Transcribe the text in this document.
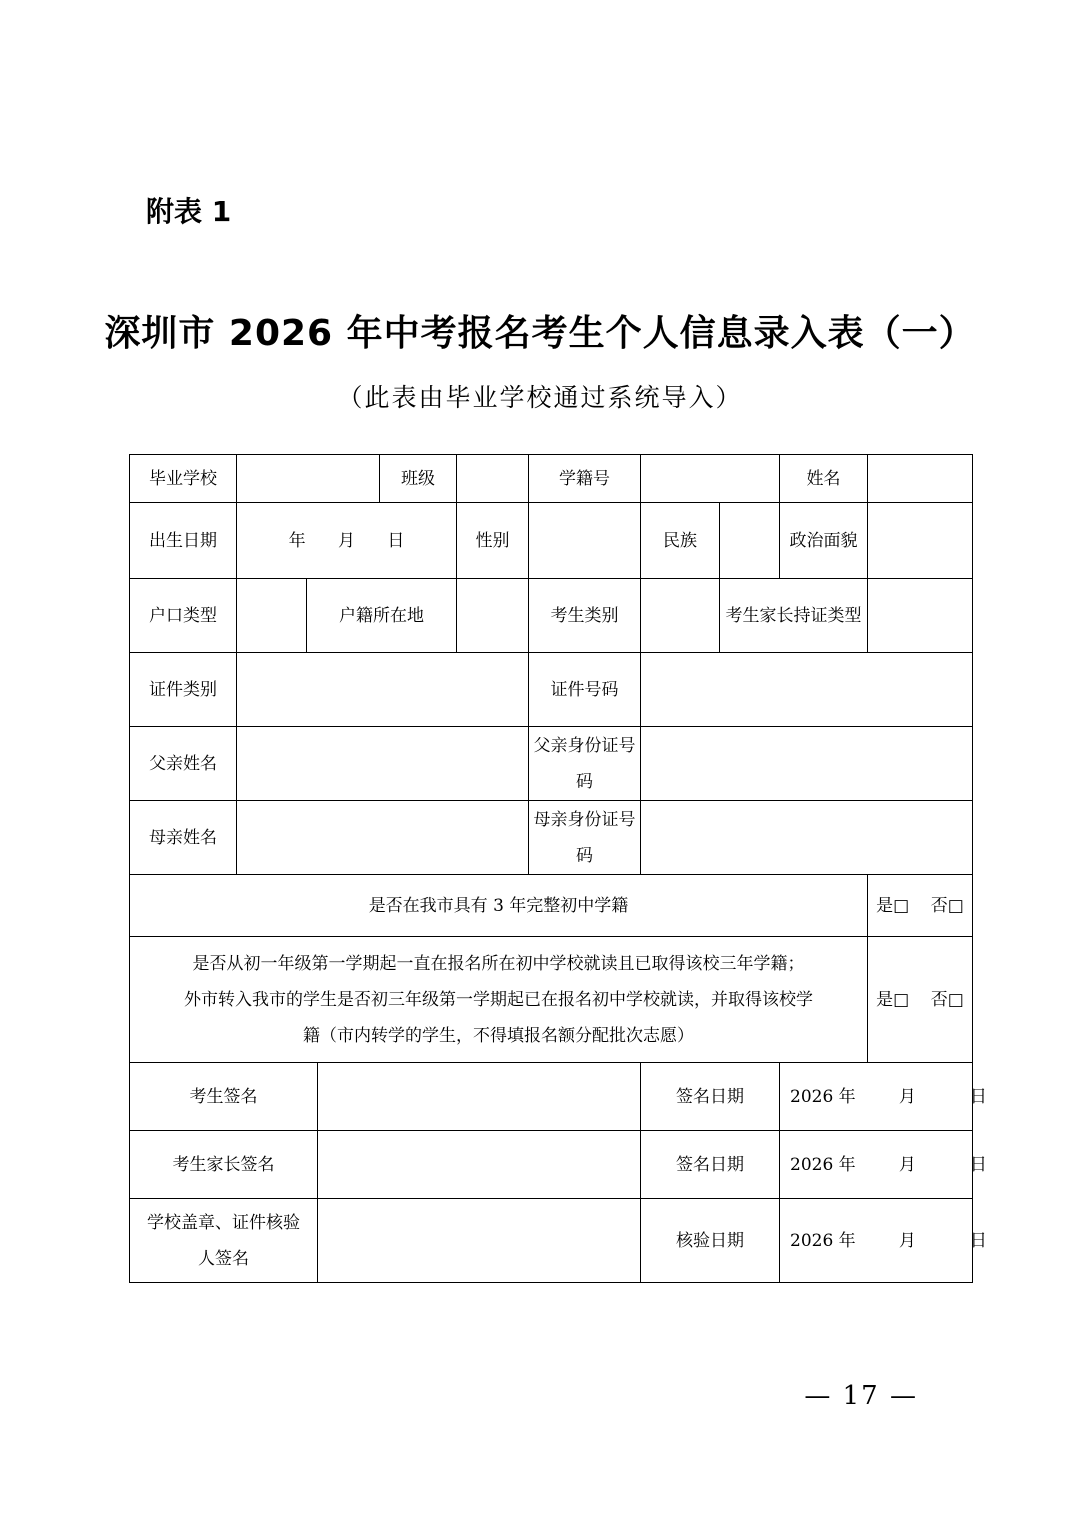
附表 1
深圳市 2026 年中考报名考生个人信息录入表（一）
（此表由毕业学校通过系统导入）
毕业学校				班级		学籍号			姓名	
出生日期	年      月      日				性别		民族		政治面貌	
户口类型		户籍所在地				考生类别		考生家长持证类型		
证件类别						证件号码				
父亲姓名						父亲身份证号码				
母亲姓名						母亲身份证号码				
是否在我市具有 3 年完整初中学籍										是□    否□

是否从初一年级第一学期起一直在报名所在初中学校就读且已取得该校三年学籍；
外市转入我市的学生是否初三年级第一学期起已在报名初中学校就读，并取得该校学
籍（市内转学的学生，不得填报名额分配批次志愿）										是□    否□
考生签名							签名日期		2026 年        月          日	
考生家长签名							签名日期		2026 年        月          日	
学校盖章、证件核验人签名							核验日期		2026 年        月          日	
— 17 —
